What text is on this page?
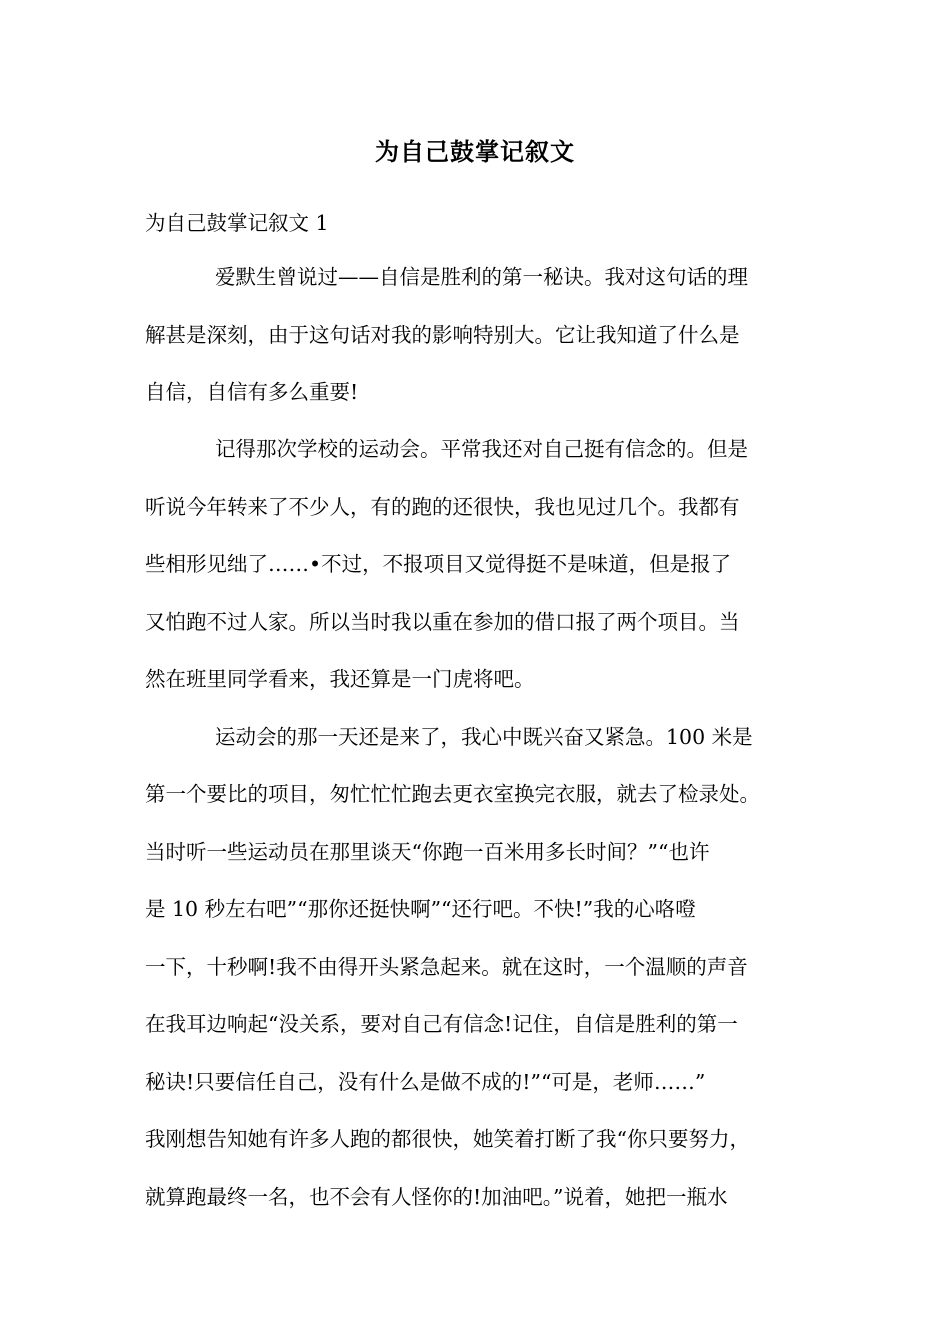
为自己鼓掌记叙文
为自己鼓掌记叙文 1
爱默生曾说过——自信是胜利的第一秘诀。我对这句话的理
解甚是深刻，由于这句话对我的影响特别大。它让我知道了什么是
自信，自信有多么重要!
记得那次学校的运动会。平常我还对自己挺有信念的。但是
听说今年转来了不少人，有的跑的还很快，我也见过几个。我都有
些相形见绌了……•不过，不报项目又觉得挺不是味道，但是报了
又怕跑不过人家。所以当时我以重在参加的借口报了两个项目。当
然在班里同学看来，我还算是一门虎将吧。
运动会的那一天还是来了，我心中既兴奋又紧急。100 米是
第一个要比的项目，匆忙忙忙跑去更衣室换完衣服，就去了检录处。
当时听一些运动员在那里谈天“你跑一百米用多长时间？”“也许
是 10 秒左右吧”“那你还挺快啊”“还行吧。不快!”我的心咯噔
一下，十秒啊!我不由得开头紧急起来。就在这时，一个温顺的声音
在我耳边响起“没关系，要对自己有信念!记住，自信是胜利的第一
秘诀!只要信任自己，没有什么是做不成的!”“可是，老师……”
我刚想告知她有许多人跑的都很快，她笑着打断了我“你只要努力，
就算跑最终一名，也不会有人怪你的!加油吧。”说着，她把一瓶水
